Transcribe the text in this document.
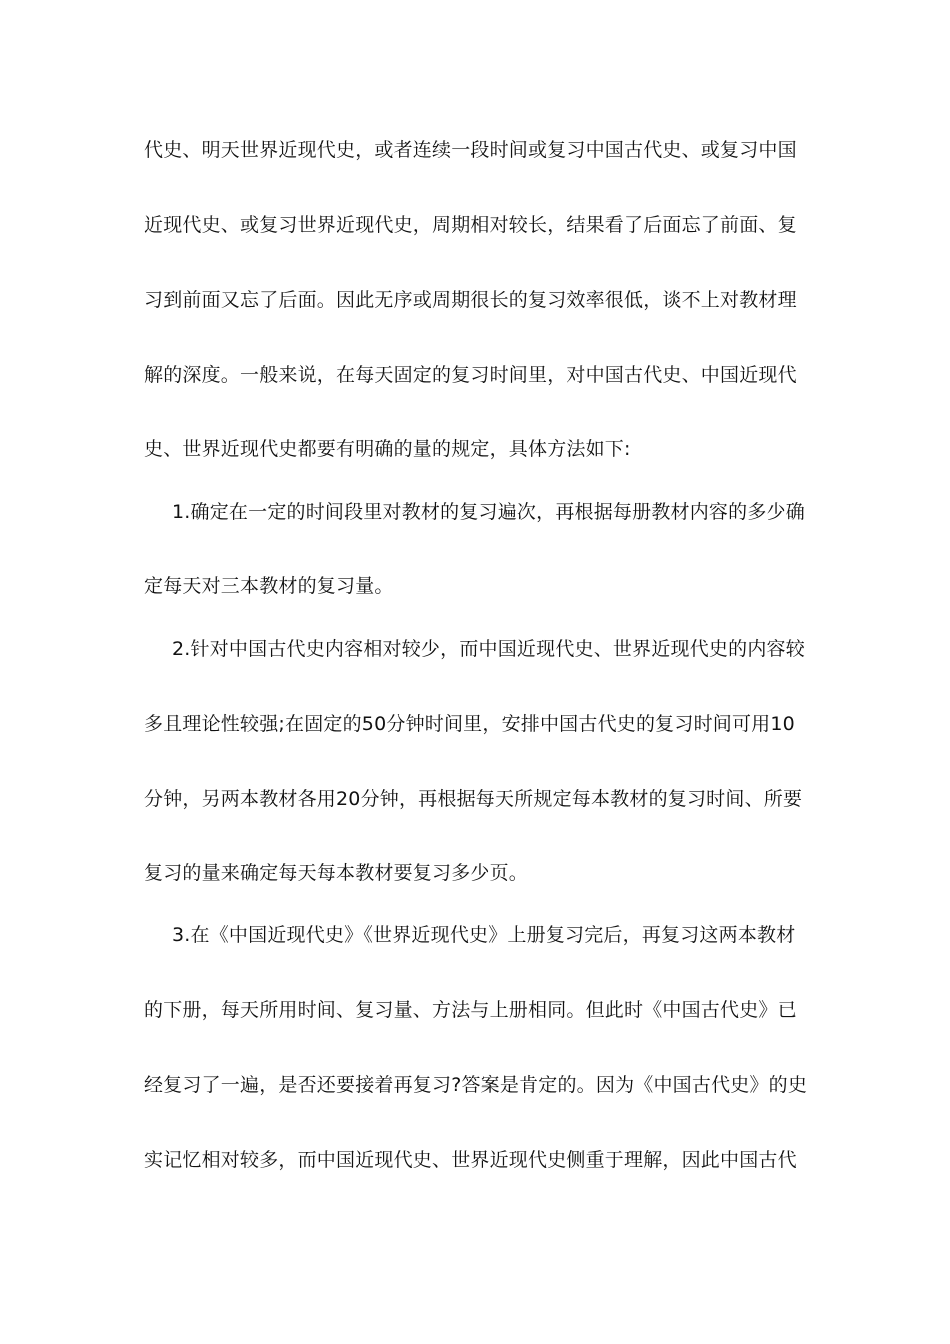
代史、明天世界近现代史，或者连续一段时间或复习中国古代史、或复习中国
近现代史、或复习世界近现代史，周期相对较长，结果看了后面忘了前面、复
习到前面又忘了后面。因此无序或周期很长的复习效率很低，谈不上对教材理
解的深度。一般来说，在每天固定的复习时间里，对中国古代史、中国近现代
史、世界近现代史都要有明确的量的规定，具体方法如下:
1.确定在一定的时间段里对教材的复习遍次，再根据每册教材内容的多少确
定每天对三本教材的复习量。
2.针对中国古代史内容相对较少，而中国近现代史、世界近现代史的内容较
多且理论性较强;在固定的50分钟时间里，安排中国古代史的复习时间可用10
分钟，另两本教材各用20分钟，再根据每天所规定每本教材的复习时间、所要
复习的量来确定每天每本教材要复习多少页。
3.在《中国近现代史》《世界近现代史》上册复习完后，再复习这两本教材
的下册，每天所用时间、复习量、方法与上册相同。但此时《中国古代史》已
经复习了一遍，是否还要接着再复习?答案是肯定的。因为《中国古代史》的史
实记忆相对较多，而中国近现代史、世界近现代史侧重于理解，因此中国古代
